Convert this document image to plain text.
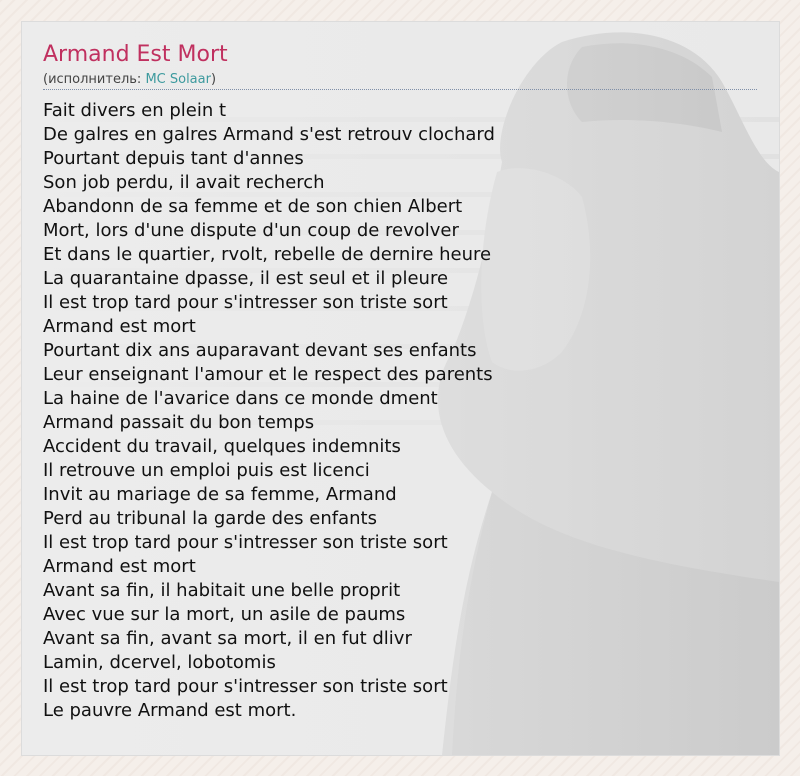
Armand Est Mort
(исполнитель: MC Solaar)
Fait divers en plein t
De galres en galres Armand s'est retrouv clochard
Pourtant depuis tant d'annes
Son job perdu, il avait recherch
Abandonn de sa femme et de son chien Albert
Mort, lors d'une dispute d'un coup de revolver
Et dans le quartier, rvolt, rebelle de dernire heure
La quarantaine dpasse, il est seul et il pleure
Il est trop tard pour s'intresser son triste sort
Armand est mort
Pourtant dix ans auparavant devant ses enfants
Leur enseignant l'amour et le respect des parents
La haine de l'avarice dans ce monde dment
Armand passait du bon temps
Accident du travail, quelques indemnits
Il retrouve un emploi puis est licenci
Invit au mariage de sa femme, Armand
Perd au tribunal la garde des enfants
Il est trop tard pour s'intresser son triste sort
Armand est mort
Avant sa fin, il habitait une belle proprit
Avec vue sur la mort, un asile de paums
Avant sa fin, avant sa mort, il en fut dlivr
Lamin, dcervel, lobotomis
Il est trop tard pour s'intresser son triste sort
Le pauvre Armand est mort.
